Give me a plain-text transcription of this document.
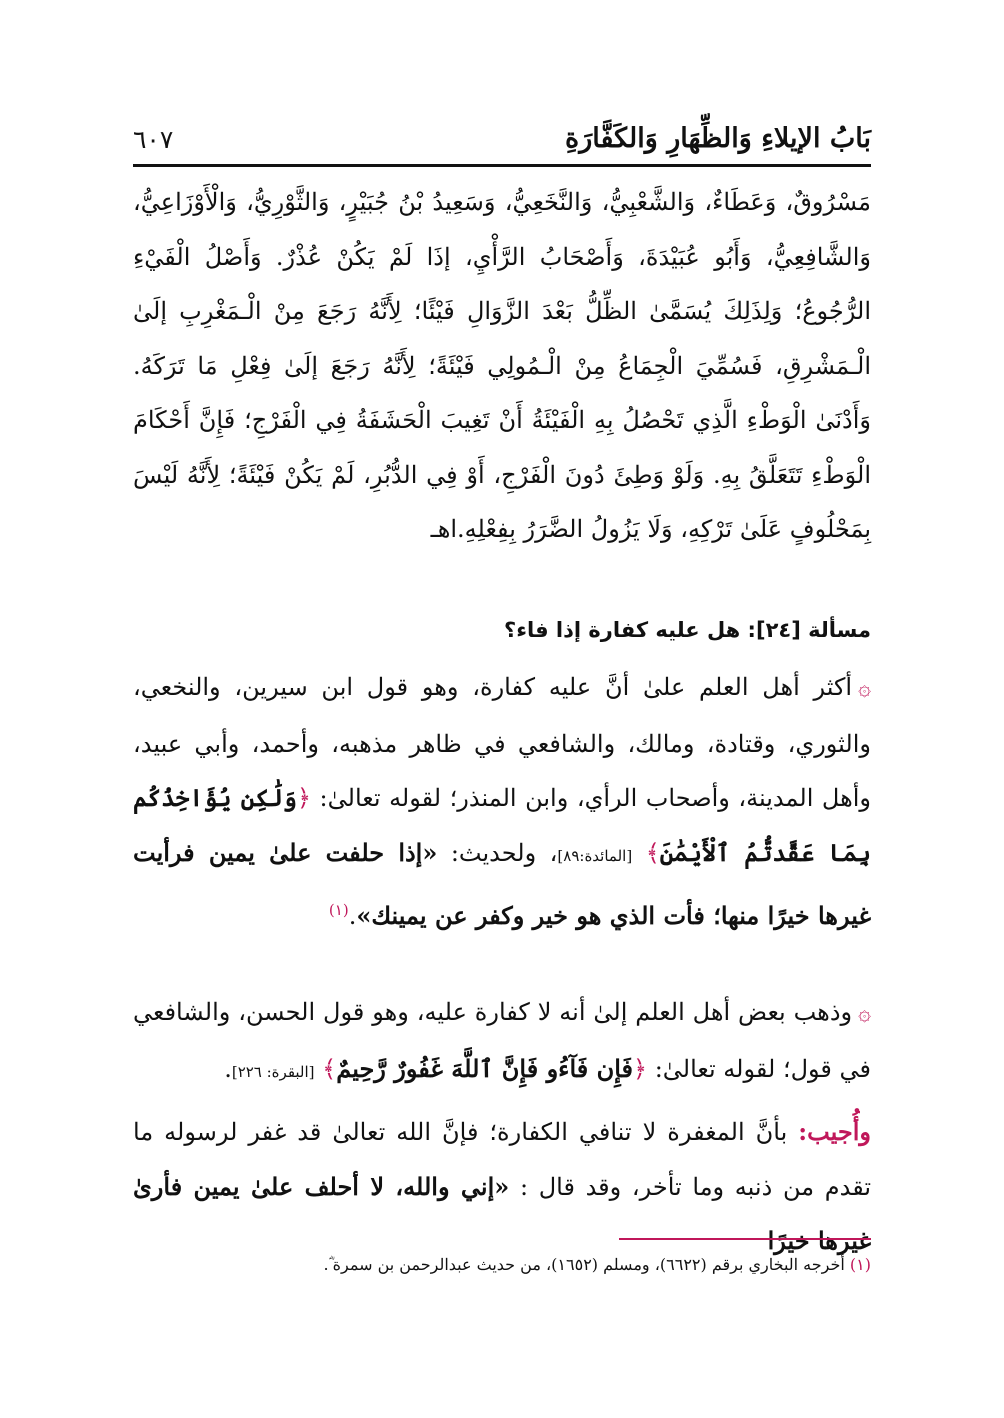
بَابُ الإيلاءِ وَالظِّهَارِ وَالكَفَّارَةِ
٦٠٧

مَسْرُوقٌ، وَعَطَاءٌ، وَالشَّعْبِيُّ، وَالنَّخَعِيُّ، وَسَعِيدُ بْنُ جُبَيْرٍ، وَالثَّوْرِيُّ، وَالْأَوْزَاعِيُّ، وَالشَّافِعِيُّ، وَأَبُو عُبَيْدَةَ، وَأَصْحَابُ الرَّأْيِ، إذَا لَمْ يَكُنْ عُذْرٌ. وَأَصْلُ الْفَيْءِ الرُّجُوعُ؛ وَلِذَلِكَ يُسَمَّىٰ الظِّلُّ بَعْدَ الزَّوَالِ فَيْئًا؛ لِأَنَّهُ رَجَعَ مِنْ الْـمَغْرِبِ إلَىٰ الْـمَشْرِقِ، فَسُمِّيَ الْجِمَاعُ مِنْ الْـمُولِي فَيْئَةً؛ لِأَنَّهُ رَجَعَ إلَىٰ فِعْلِ مَا تَرَكَهُ. وَأَدْنَىٰ الْوَطْءِ الَّذِي تَحْصُلُ بِهِ الْفَيْئَةُ أَنْ تَغِيبَ الْحَشَفَةُ فِي الْفَرْجِ؛ فَإِنَّ أَحْكَامَ الْوَطْءِ تَتَعَلَّقُ بِهِ. وَلَوْ وَطِئَ دُونَ الْفَرْجِ، أَوْ فِي الدُّبُرِ، لَمْ يَكُنْ فَيْئَةً؛ لِأَنَّهُ لَيْسَ بِمَحْلُوفٍ عَلَىٰ تَرْكِهِ، وَلَا يَزُولُ الضَّرَرُ بِفِعْلِهِ.اهـ

مسألة [٢٤]: هل عليه كفارة إذا فاء؟

۞أكثر أهل العلم علىٰ أنَّ عليه كفارة، وهو قول ابن سيرين، والنخعي، والثوري، وقتادة، ومالك، والشافعي في ظاهر مذهبه، وأحمد، وأبي عبيد، وأهل المدينة، وأصحاب الرأي، وابن المنذر؛ لقوله تعالىٰ: ﴿وَلَٰكِن يُؤَاخِذُكُم بِمَا عَقَّدتُّمُ ٱلْأَيْمَٰنَ﴾ [المائدة:٨٩]، ولحديث: «إذا حلفت علىٰ يمين فرأيت غيرها خيرًا منها؛ فأت الذي هو خير وكفر عن يمينك».$^{(١)}$

۞وذهب بعض أهل العلم إلىٰ أنه لا كفارة عليه، وهو قول الحسن، والشافعي في قول؛ لقوله تعالىٰ: ﴿فَإِن فَآءُو فَإِنَّ ٱللَّهَ غَفُورٌ رَّحِيمٌ﴾ [البقرة: ٢٢٦].

وأُجيب: بأنَّ المغفرة لا تنافي الكفارة؛ فإنَّ الله تعالىٰ قد غفر لرسوله ما تقدم من ذنبه وما تأخر، وقد قال : «إني والله، لا أحلف علىٰ يمين فأرىٰ غيرها خيرًا

(١) أخرجه البخاري برقم (٦٦٢٢)، ومسلم (١٦٥٢)، من حديث عبدالرحمن بن سمرة ؓ.
